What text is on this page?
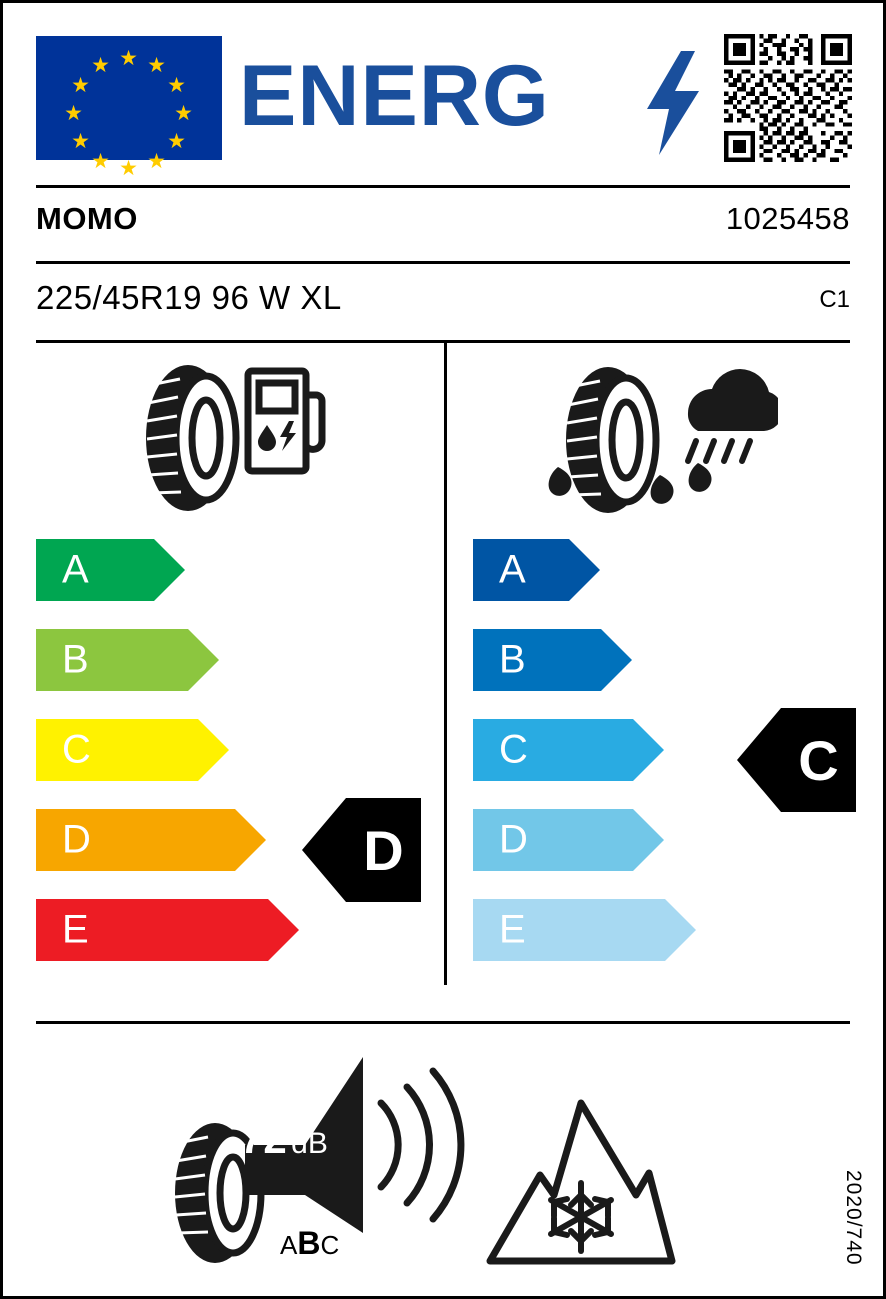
★ ★
★
★
★
★
★
★
★
★
★
★ ENERG
MOMO	1025458
225/45R19 96 W XL	C1
A
B
C
D
E
D
A
B
C
D
E
C
72 dB
ABC	2020/740
